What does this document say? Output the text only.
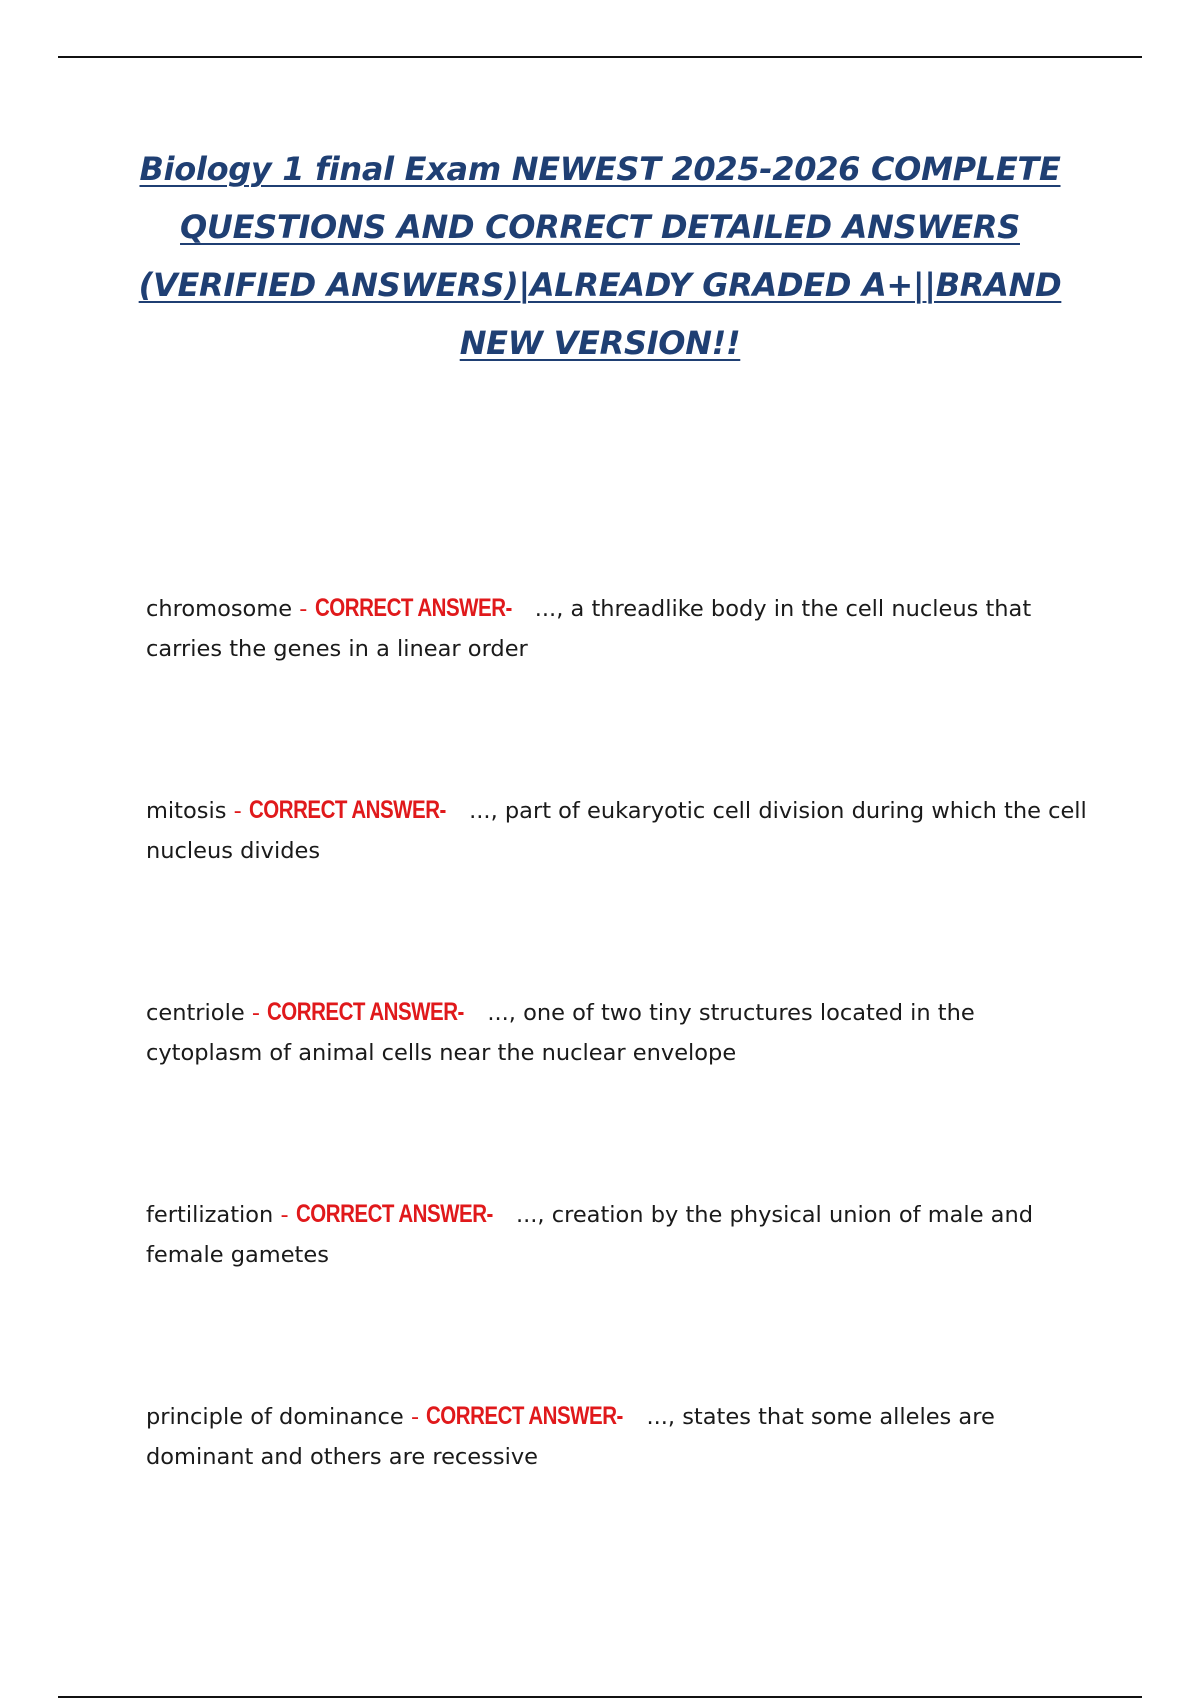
Biology 1 final Exam NEWEST 2025-2026 COMPLETE QUESTIONS AND CORRECT DETAILED ANSWERS (VERIFIED ANSWERS)|ALREADY GRADED A+||BRAND NEW VERSION!!

chromosome - CORRECT ANSWER- ..., a threadlike body in the cell nucleus that carries the genes in a linear order

mitosis - CORRECT ANSWER- ..., part of eukaryotic cell division during which the cell nucleus divides

centriole - CORRECT ANSWER- ..., one of two tiny structures located in the cytoplasm of animal cells near the nuclear envelope

fertilization - CORRECT ANSWER- ..., creation by the physical union of male and female gametes

principle of dominance - CORRECT ANSWER- ..., states that some alleles are dominant and others are recessive
